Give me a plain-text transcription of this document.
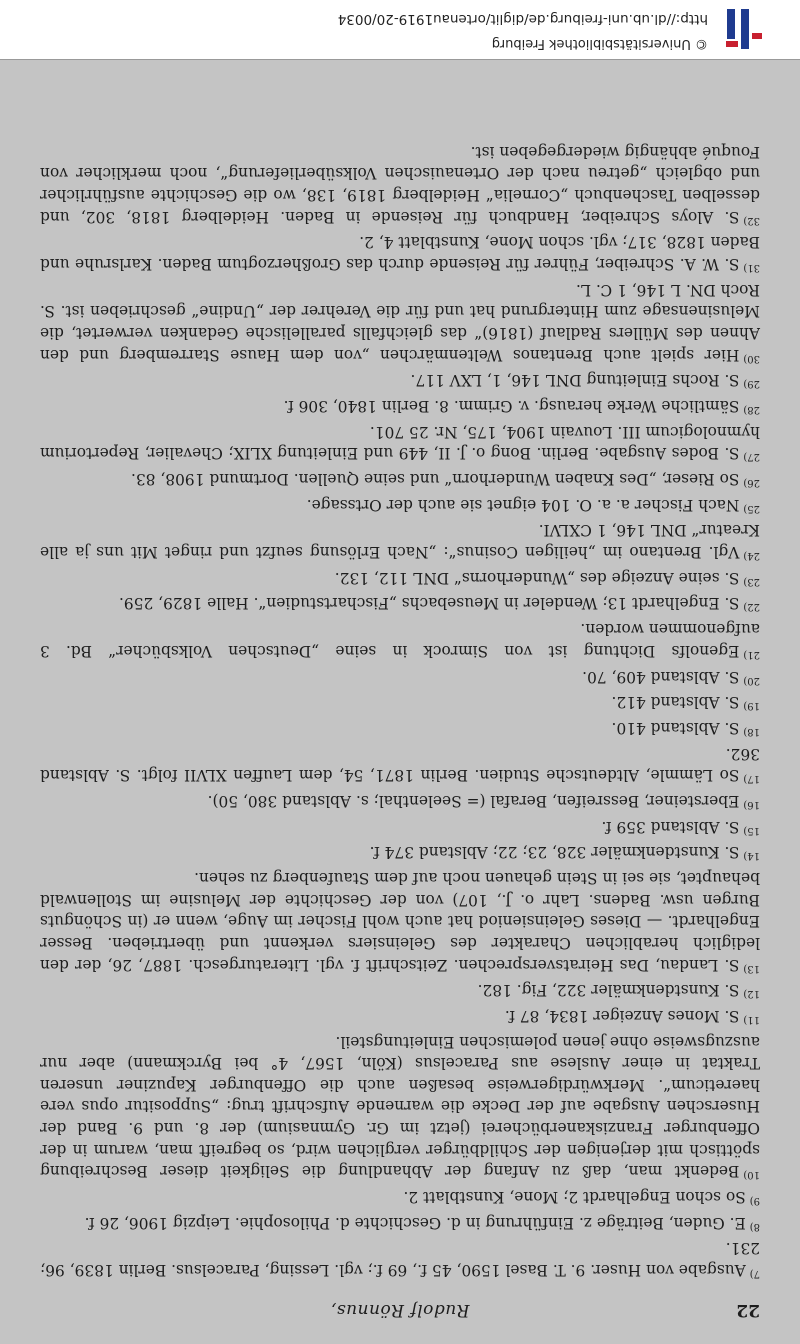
22
Rudolf Rönnus,

$^{7)}$Ausgabe von Huser. 9. T. Basel 1590, 45 f., 69 f.; vgl. Lessing, Paracelsus. Berlin 1839, 96; 231.

$^{8)}$E. Guden, Beiträge z. Einführung in d. Geschichte d. Philosophie. Leipzig 1906, 26 f.

$^{9)}$So schon Engelhardt 2; Mone, Kunstblatt 2.

$^{10)}$Bedenkt man, daß zu Anfang der Abhandlung die Seligkeit dieser Beschreibung spöttisch mit derjenigen der Schildbürger verglichen wird, so begreift man, warum in der Offenburger Franziskanerbücherei (jetzt im Gr. Gymnasium) der 8. und 9. Band der Huserschen Ausgabe auf der Decke die warnende Aufschrift trug: „Suppositur opus vere haereticum“. Merkwürdigerweise besaßen auch die Offenburger Kapuziner unseren Traktat in einer Auslese aus Paracelsus (Köln, 1567, 4° bei Byrckmann) aber nur auszugsweise ohne jenen polemischen Einleitungsteil.

$^{11)}$S. Mones Anzeiger 1834, 87 f.

$^{12)}$S. Kunstdenkmäler 322, Fig. 182.

$^{13)}$S. Landau, Das Heiratsversprechen. Zeitschrift f. vgl. Literaturgesch. 1887, 26, der den lediglich herablichen Charakter des Geleinsiers verkennt und übertrieben. Besser Engelhardt. — Dieses Geleinsieniod hat auch wohl Fischer im Auge, wenn er (in Schönguts Burgen usw. Badens. Lahr o. J., 107) von der Geschichte der Melusine im Stollenwald behauptet, sie sei in Stein gehauen noch auf dem Staufenberg zu sehen.

$^{14)}$S. Kunstdenkmäler 328, 23; 22; Ablstand 374 f.

$^{15)}$S. Ablstand 359 f.

$^{16)}$Ebersteiner, Bessreifen, Berafal (= Seelenthal; s. Ablstand 380, 50).

$^{17)}$So Lämmle, Altdeutsche Studien. Berlin 1871, 54, dem Lauffen XLVII folgt. S. Ablstand 362.

$^{18)}$S. Ablstand 410.

$^{19)}$S. Ablstand 412.

$^{20)}$S. Ablstand 409, 70.

$^{21)}$Egenolfs Dichtung ist von Simrock in seine „Deutschen Volksbücher“ Bd. 3 aufgenommen worden.

$^{22)}$S. Engelhardt 13; Wendeler in Meusebachs „Fischartstudien“. Halle 1829, 259.

$^{23)}$S. seine Anzeige des „Wunderhorns“ DNL 112, 132.

$^{24)}$Vgl. Brentano im „heiligen Cosinus“: „Nach Erlösung seufzt und ringet Mit uns ja alle Kreatur“ DNL 146, 1 CXLVI.

$^{25)}$Nach Fischer a. a. O. 104 eignet sie auch der Ortssage.

$^{26)}$So Rieser, „Des Knaben Wunderhorn“ und seine Quellen. Dortmund 1908, 83.

$^{27)}$S. Bodes Ausgabe. Berlin. Bong o. J. II, 449 und Einleitung XLIX; Chevalier, Repertorium hymnologicum III. Louvain 1904, 175, Nr. 25 701.

$^{28)}$Sämtliche Werke herausg. v. Grimm. 8. Berlin 1840, 306 f.

$^{29)}$S. Rochs Einleitung DNL 146, 1, LXV 117.

$^{30)}$Hier spielt auch Brentanos Weltenmärchen „von dem Hause Starremberg und den Ahnen des Müllers Radlauf (1816)“ das gleichfalls parallelische Gedanken verwertet, die Melusinensage zum Hintergrund hat und für die Verehrer der „Undine“ geschrieben ist. S. Roch DN. L 146, 1 C. L.

$^{31)}$S. W. A. Schreiber, Führer für Reisende durch das Großherzogtum Baden. Karlsruhe und Baden 1828, 317; vgl. schon Mone, Kunstblatt 4, 2.

$^{32)}$S. Aloys Schreiber, Handbuch für Reisende in Baden. Heidelberg 1818, 302, und desselben Taschenbuch „Cornelia“ Heidelberg 1819, 138, wo die Geschichte ausführlicher und obgleich „getreu nach der Ortenauischen Volksüberlieferung“, noch merklicher von Fouqué abhängig wiedergegeben ist.

© Universitätsbibliothek Freiburg
http://dl.ub.uni-freiburg.de/diglit/ortenau1919-20/0034
